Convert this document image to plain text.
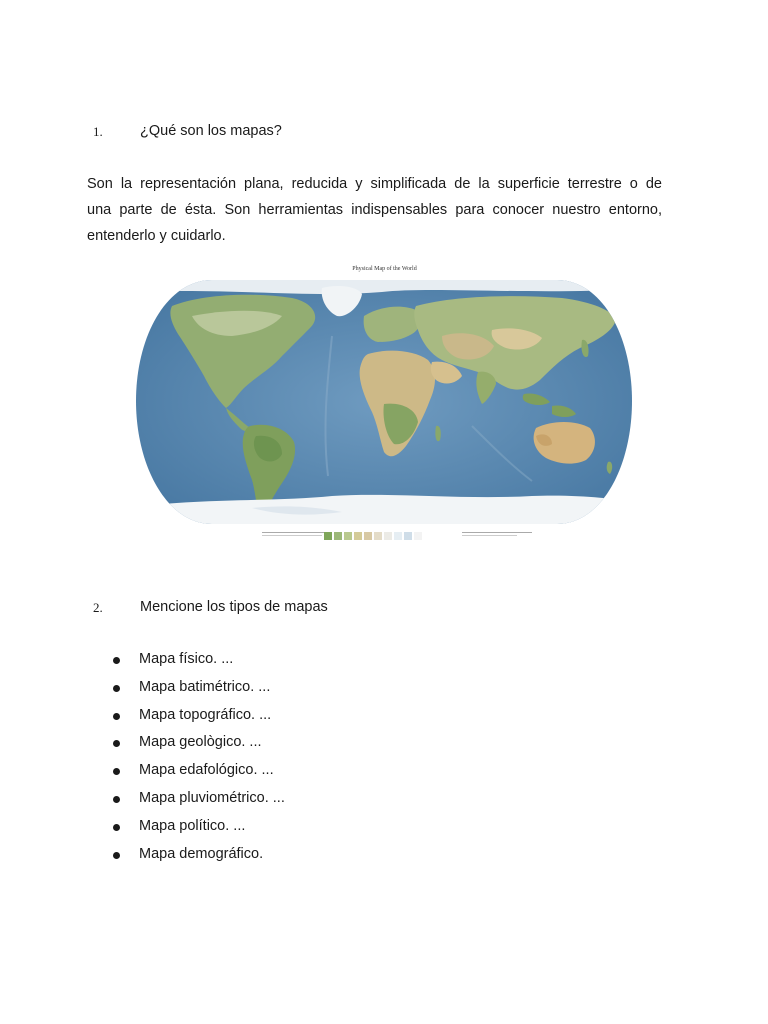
1.	¿Qué son los mapas?
Son la representación plana, reducida y simplificada de la superficie terrestre o de
una parte de ésta. Son herramientas indispensables para conocer nuestro entorno,
entenderlo y cuidarlo.
Physical Map of the World
2.	Mencione los tipos de mapas
Mapa físico. ...
Mapa batimétrico. ...
Mapa topográfico. ...
Mapa geològico. ...
Mapa edafológico. ...
Mapa pluviométrico. ...
Mapa político. ...
Mapa demográfico.
